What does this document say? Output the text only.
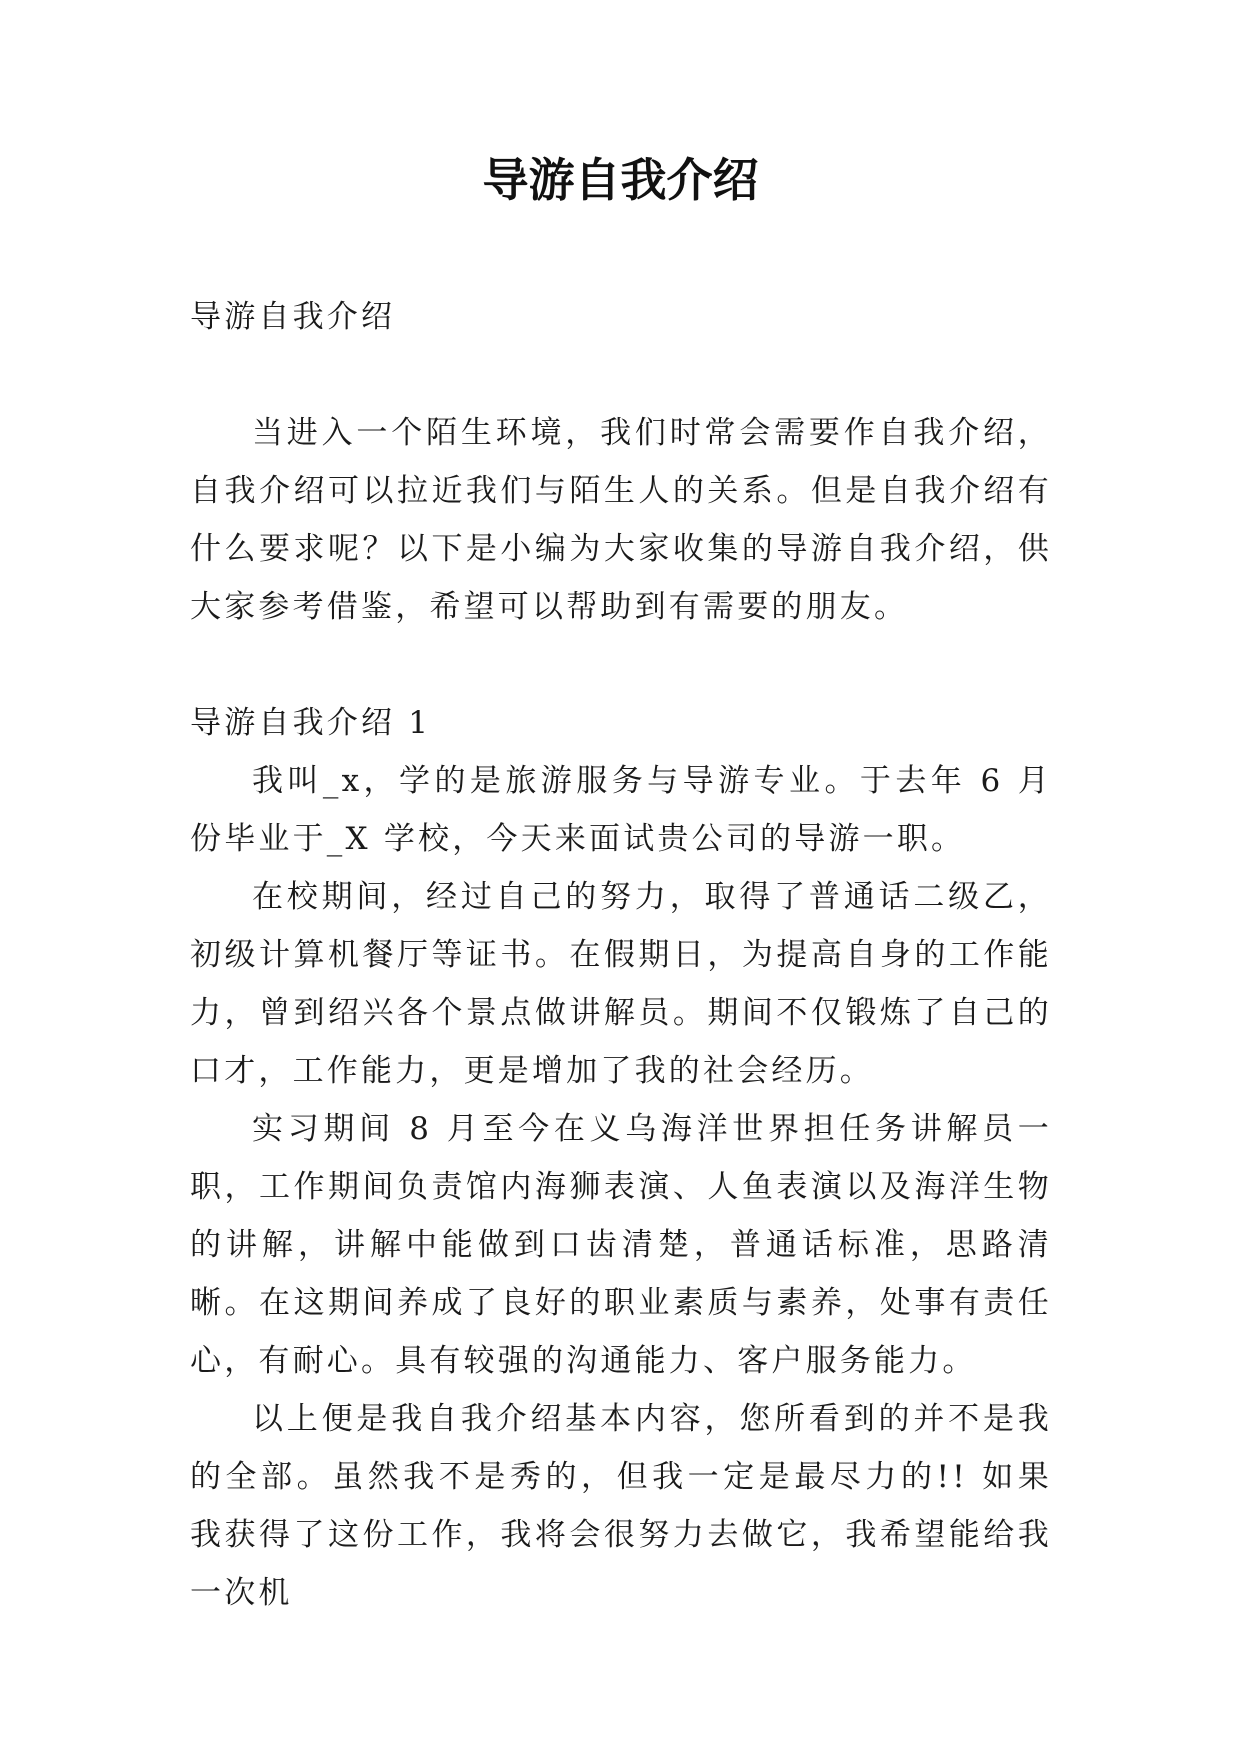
导游自我介绍

导游自我介绍

当进入一个陌生环境，我们时常会需要作自我介绍，自我介绍可以拉近我们与陌生人的关系。但是自我介绍有什么要求呢？以下是小编为大家收集的导游自我介绍，供大家参考借鉴，希望可以帮助到有需要的朋友。

导游自我介绍 1

我叫_x，学的是旅游服务与导游专业。于去年 6 月份毕业于_X 学校，今天来面试贵公司的导游一职。

在校期间，经过自己的努力，取得了普通话二级乙，初级计算机餐厅等证书。在假期日，为提高自身的工作能力，曾到绍兴各个景点做讲解员。期间不仅锻炼了自己的口才，工作能力，更是增加了我的社会经历。

实习期间 8 月至今在义乌海洋世界担任务讲解员一职，工作期间负责馆内海狮表演、人鱼表演以及海洋生物的讲解，讲解中能做到口齿清楚，普通话标准，思路清晰。在这期间养成了良好的职业素质与素养，处事有责任心，有耐心。具有较强的沟通能力、客户服务能力。

以上便是我自我介绍基本内容，您所看到的并不是我的全部。虽然我不是秀的，但我一定是最尽力的!! 如果我获得了这份工作，我将会很努力去做它，我希望能给我一次机
